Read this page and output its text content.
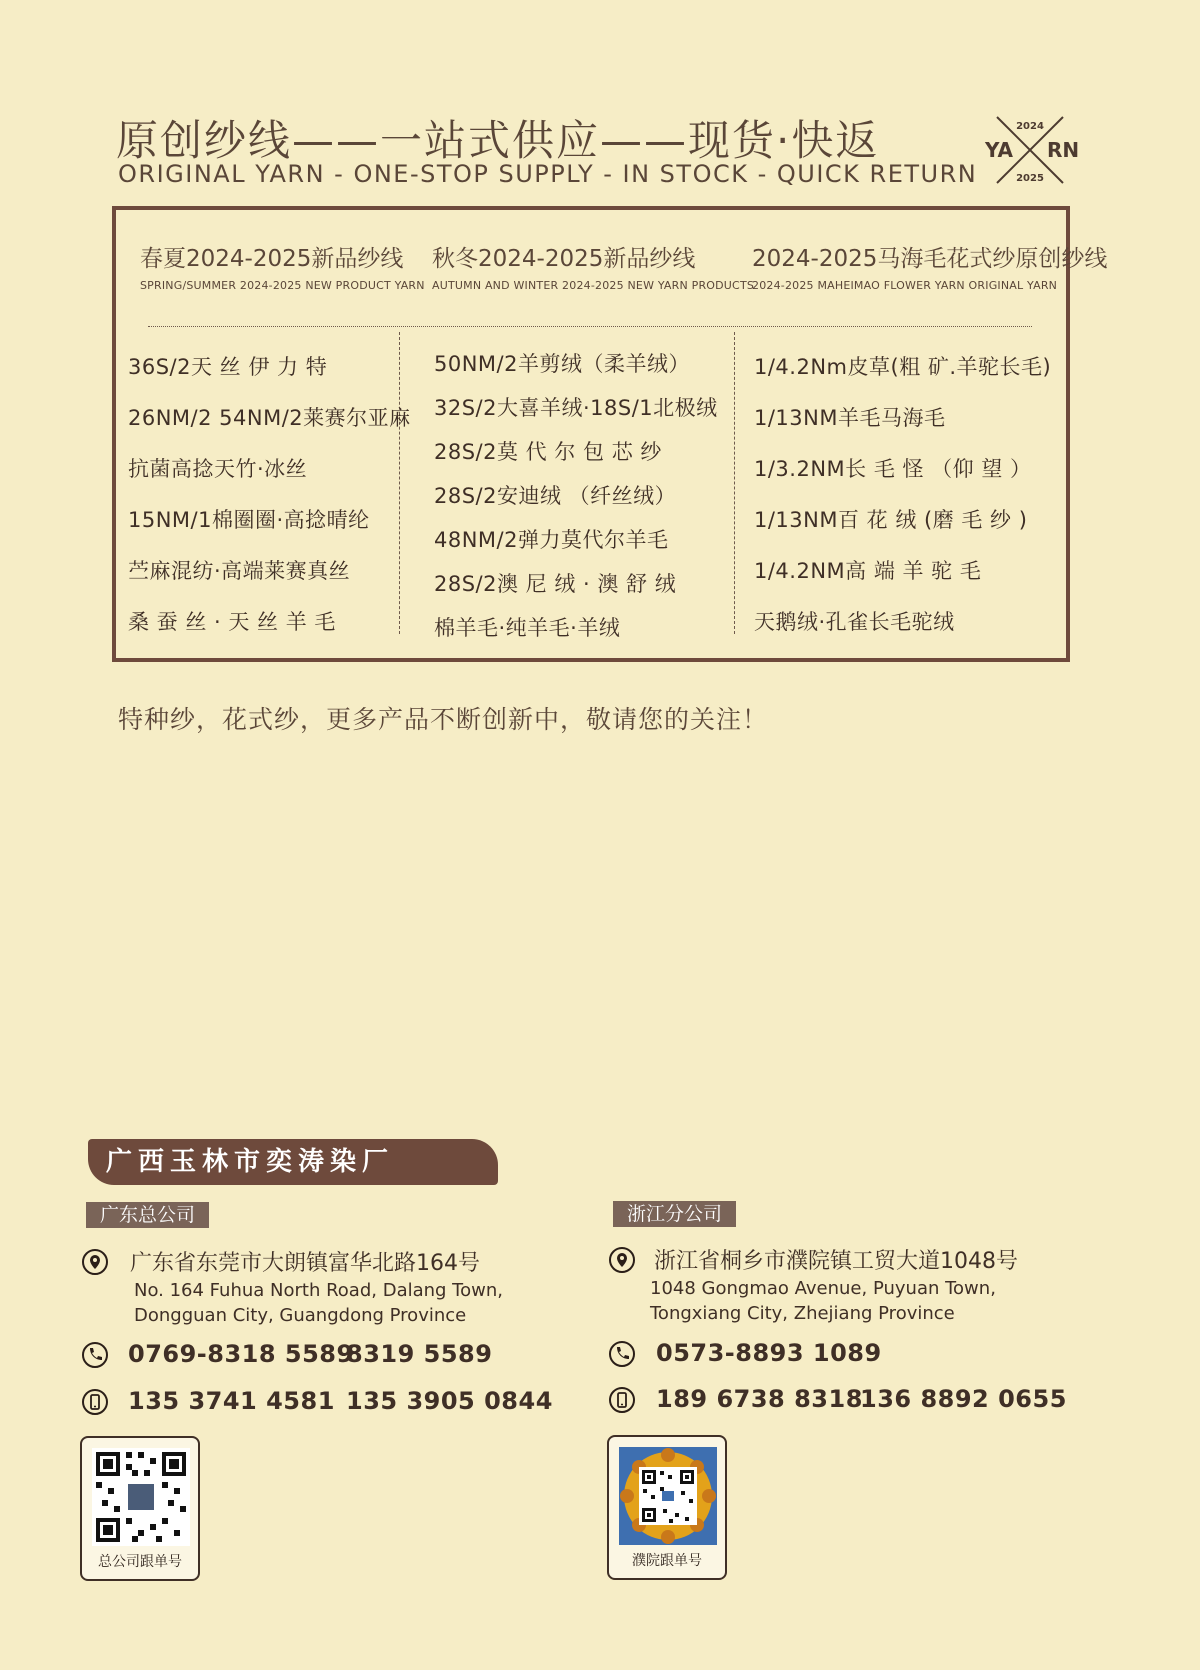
原创纱线——一站式供应——现货·快返
ORIGINAL YARN - ONE-STOP SUPPLY - IN STOCK - QUICK RETURN
2024
YA RN
2025
春夏2024-2025新品纱线
SPRING/SUMMER 2024-2025 NEW PRODUCT YARN
秋冬2024-2025新品纱线
AUTUMN AND WINTER 2024-2025 NEW YARN PRODUCTS
2024-2025马海毛花式纱原创纱线
2024-2025 MAHEIMAO FLOWER YARN ORIGINAL YARN
36S/2天 丝 伊 力 特
26NM/2 54NM/2莱赛尔亚麻
抗菌高捻天竹·冰丝
15NM/1棉圈圈·高捻晴纶
苎麻混纺·高端莱赛真丝
桑 蚕 丝 · 天 丝 羊 毛
50NM/2羊剪绒（柔羊绒）
32S/2大喜羊绒·18S/1北极绒
28S/2莫 代 尔 包 芯 纱
28S/2安迪绒 （纤丝绒）
48NM/2弹力莫代尔羊毛
28S/2澳 尼 绒 · 澳 舒 绒
棉羊毛·纯羊毛·羊绒
1/4.2Nm皮草(粗 矿.羊驼长毛)
1/13NM羊毛马海毛
1/3.2NM长 毛 怪 （仰 望 ）
1/13NM百 花 绒 (磨 毛 纱 )
1/4.2NM高 端 羊 驼 毛
天鹅绒·孔雀长毛驼绒
特种纱，花式纱，更多产品不断创新中，敬请您的关注！
广西玉林市奕涛染厂
广东总公司
广东省东莞市大朗镇富华北路164号
No. 164 Fuhua North Road, Dalang Town,
Dongguan City, Guangdong Province
0769-8318 5589
8319 5589
135 3741 4581 135 3905 0844
总公司跟单号
浙江分公司
浙江省桐乡市濮院镇工贸大道1048号
1048 Gongmao Avenue, Puyuan Town,
Tongxiang City, Zhejiang Province
0573-8893 1089
189 6738 8318
136 8892 0655
濮院跟单号
